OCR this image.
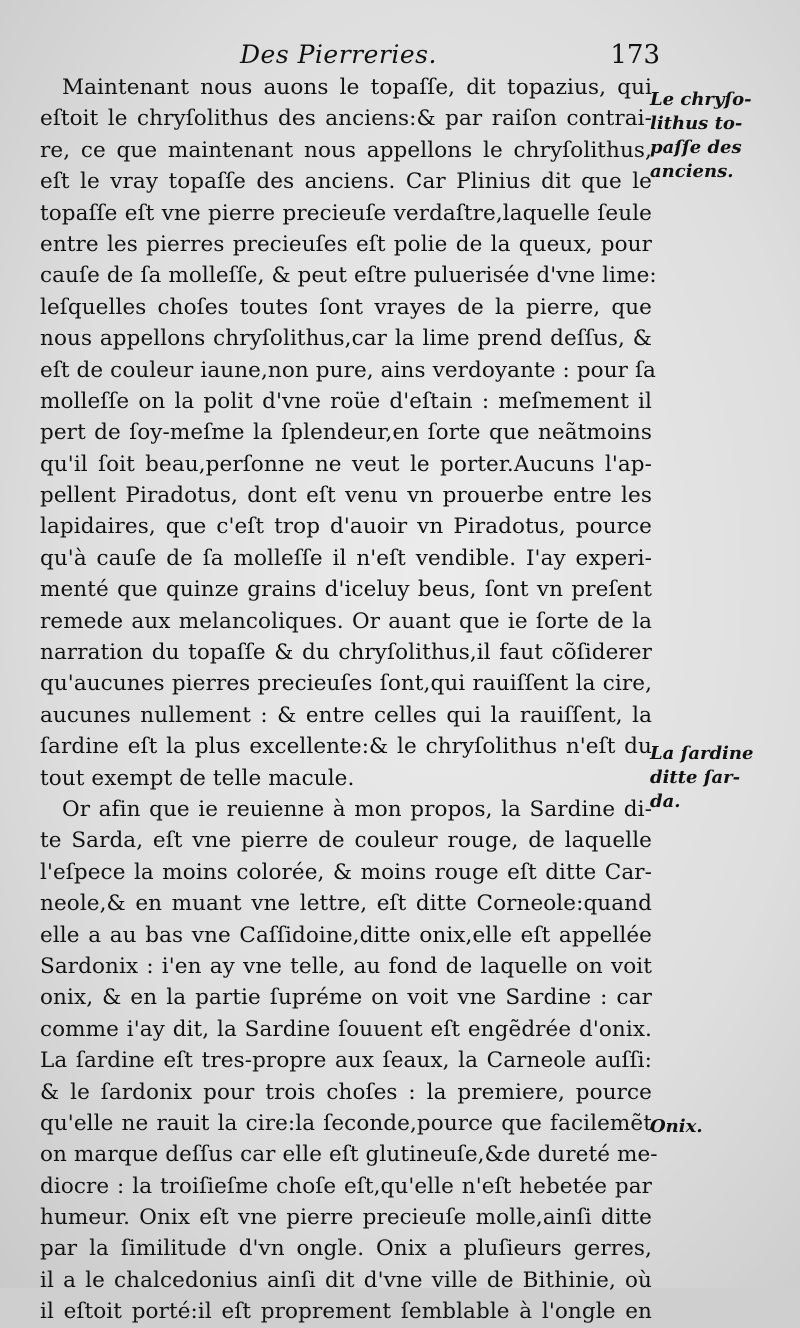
Des Pierreries.	173
Maintenant nous auons le topaſſe, dit topazius, qui
eſtoit le chryſolithus des anciens:& par raiſon contrai-
re, ce que maintenant nous appellons le chryſolithus,
eſt le vray topaſſe des anciens. Car Plinius dit que le
topaſſe eſt vne pierre precieuſe verdaſtre,laquelle ſeule
entre les pierres precieuſes eſt polie de la queux, pour
cauſe de ſa molleſſe, & peut eſtre puluerisée d'vne lime:
leſquelles choſes toutes ſont vrayes de la pierre, que
nous appellons chryſolithus,car la lime prend deſſus, &
eſt de couleur iaune,non pure, ains verdoyante : pour ſa
molleſſe on la polit d'vne roüe d'eſtain : meſmement il
pert de ſoy-meſme la ſplendeur,en ſorte que neãtmoins
qu'il ſoit beau,perſonne ne veut le porter.Aucuns l'ap-
pellent Piradotus, dont eſt venu vn prouerbe entre les
lapidaires, que c'eſt trop d'auoir vn Piradotus, pource
qu'à cauſe de ſa molleſſe il n'eſt vendible. I'ay experi-
menté que quinze grains d'iceluy beus, ſont vn preſent
remede aux melancoliques. Or auant que ie ſorte de la
narration du topaſſe & du chryſolithus,il faut cõſiderer
qu'aucunes pierres precieuſes ſont,qui rauiſſent la cire,
aucunes nullement : & entre celles qui la rauiſſent, la
ſardine eſt la plus excellente:& le chryſolithus n'eſt du
tout exempt de telle macule.
Or afin que ie reuienne à mon propos, la Sardine di-
te Sarda, eſt vne pierre de couleur rouge, de laquelle
l'eſpece la moins colorée, & moins rouge eſt ditte Car-
neole,& en muant vne lettre, eſt ditte Corneole:quand
elle a au bas vne Caſſidoine,ditte onix,elle eſt appellée
Sardonix : i'en ay vne telle, au fond de laquelle on voit
onix, & en la partie ſupréme on voit vne Sardine : car
comme i'ay dit, la Sardine ſouuent eſt engẽdrée d'onix.
La ſardine eſt tres-propre aux ſeaux, la Carneole auſſi:
& le ſardonix pour trois choſes : la premiere, pource
qu'elle ne rauit la cire:la ſeconde,pource que facilemẽt
on marque deſſus car elle eſt glutineuſe,&de dureté me-
diocre : la troiſieſme choſe eſt,qu'elle n'eſt hebetée par
humeur. Onix eſt vne pierre precieuſe molle,ainſi ditte
par la ſimilitude d'vn ongle. Onix a pluſieurs gerres,
il a le chalcedonius ainſi dit d'vne ville de Bithinie, où
il eſtoit porté:il eſt proprement ſemblable à l'ongle en
Le chryſo-
lithus to-
paſſe des
anciens.
La ſardine
ditte ſar-
da.
Onix.
